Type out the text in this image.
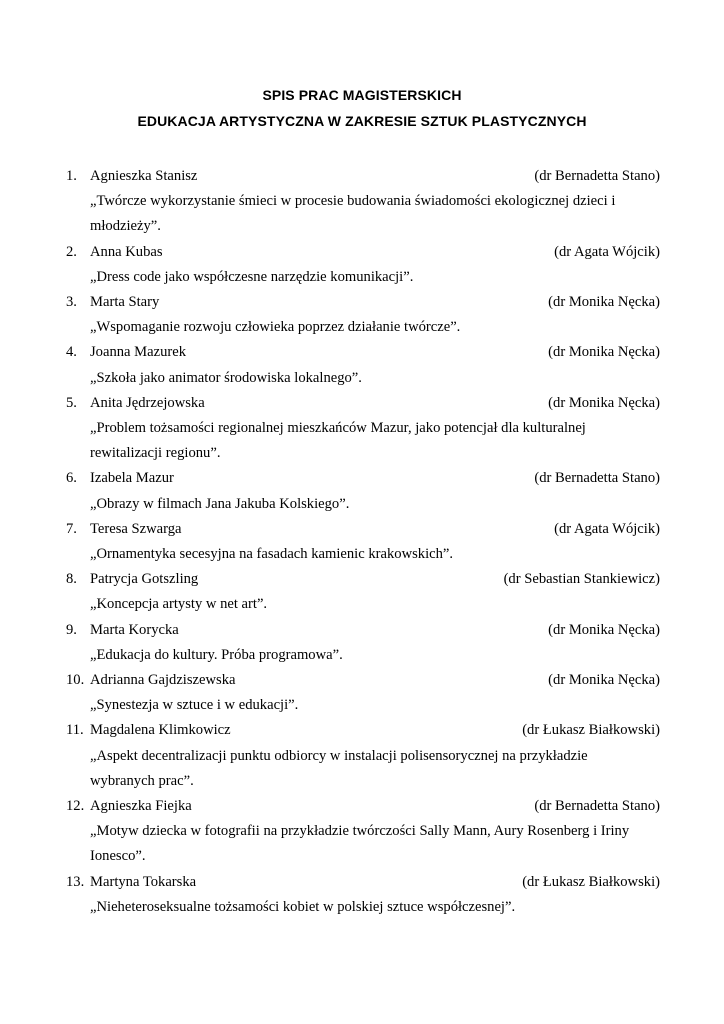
SPIS PRAC MAGISTERSKICH
EDUKACJA ARTYSTYCZNA W ZAKRESIE SZTUK PLASTYCZNYCH
1. Agnieszka Stanisz	(dr Bernadetta Stano)
„Twórcze wykorzystanie śmieci w procesie budowania świadomości ekologicznej dzieci i młodzieży”.
2. Anna Kubas	(dr Agata Wójcik)
„Dress code jako współczesne narzędzie komunikacji”.
3. Marta Stary	(dr Monika Nęcka)
„Wspomaganie rozwoju człowieka poprzez działanie twórcze”.
4. Joanna Mazurek	(dr Monika Nęcka)
„Szkoła jako animator środowiska lokalnego”.
5. Anita Jędrzejowska	(dr Monika Nęcka)
„Problem tożsamości regionalnej mieszkańców Mazur, jako potencjał dla kulturalnej rewitalizacji regionu”.
6. Izabela Mazur	(dr Bernadetta Stano)
„Obrazy w filmach Jana Jakuba Kolskiego”.
7. Teresa Szwarga	(dr Agata Wójcik)
„Ornamentyka secesyjna na fasadach kamienic krakowskich”.
8. Patrycja Gotszling	(dr Sebastian Stankiewicz)
„Koncepcja artysty w net art”.
9. Marta Korycka	(dr Monika Nęcka)
„Edukacja do kultury. Próba programowa”.
10. Adrianna Gajdziszewska	(dr Monika Nęcka)
„Synestezja w sztuce i w edukacji”.
11. Magdalena Klimkowicz	(dr Łukasz Białkowski)
„Aspekt decentralizacji punktu odbiorcy w instalacji polisensorycznej na przykładzie wybranych prac”.
12. Agnieszka Fiejka	(dr Bernadetta Stano)
„Motyw dziecka w fotografii na przykładzie twórczości Sally Mann, Aury Rosenberg i Iriny Ionesco”.
13. Martyna Tokarska	(dr Łukasz Białkowski)
„Nieheteroseksualne tożsamości kobiet w polskiej sztuce współczesnej”.
